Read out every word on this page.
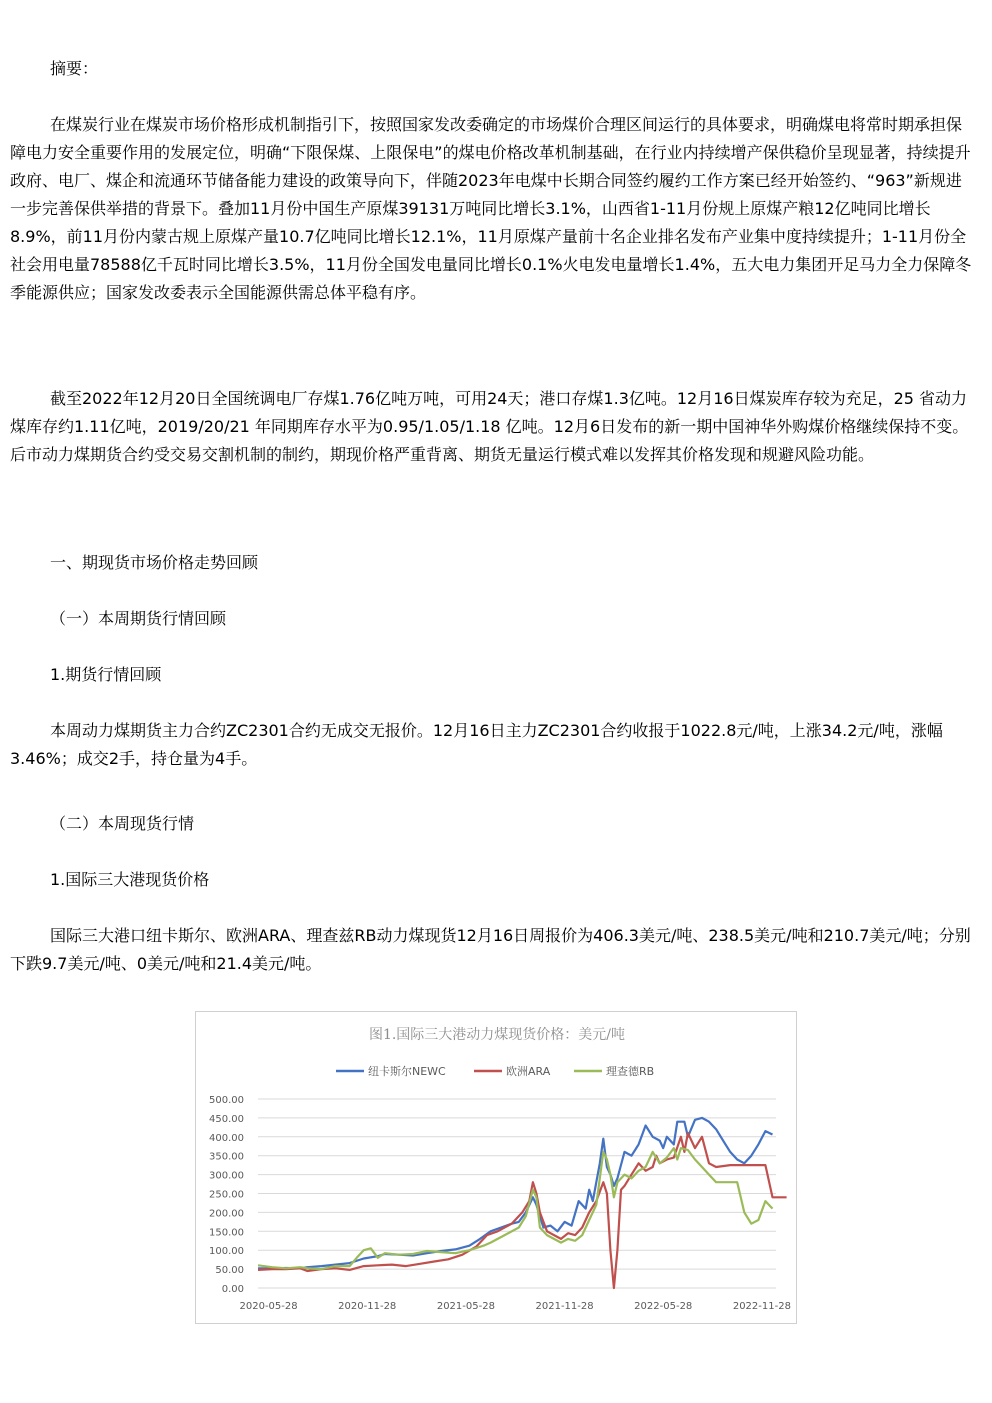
摘要：

在煤炭行业在煤炭市场价格形成机制指引下，按照国家发改委确定的市场煤价合理区间运行的具体要求，明确煤电将常时期承担保障电力安全重要作用的发展定位，明确“下限保煤、上限保电”的煤电价格改革机制基础，在行业内持续增产保供稳价呈现显著，持续提升政府、电厂、煤企和流通环节储备能力建设的政策导向下，伴随2023年电煤中长期合同签约履约工作方案已经开始签约、“963”新规进一步完善保供举措的背景下。叠加11月份中国生产原煤39131万吨同比增长3.1%，山西省1-11月份规上原煤产粮12亿吨同比增长8.9%，前11月份内蒙古规上原煤产量10.7亿吨同比增长12.1%，11月原煤产量前十名企业排名发布产业集中度持续提升；1-11月份全社会用电量78588亿千瓦时同比增长3.5%，11月份全国发电量同比增长0.1%火电发电量增长1.4%，五大电力集团开足马力全力保障冬季能源供应；国家发改委表示全国能源供需总体平稳有序。

截至2022年12月20日全国统调电厂存煤1.76亿吨万吨，可用24天；港口存煤1.3亿吨。12月16日煤炭库存较为充足，25 省动力煤库存约1.11亿吨，2019/20/21 年同期库存水平为0.95/1.05/1.18 亿吨。12月6日发布的新一期中国神华外购煤价格继续保持不变。后市动力煤期货合约受交易交割机制的制约，期现价格严重背离、期货无量运行模式难以发挥其价格发现和规避风险功能。

一、期现货市场价格走势回顾

（一）本周期货行情回顾

1.期货行情回顾

本周动力煤期货主力合约ZC2301合约无成交无报价。12月16日主力ZC2301合约收报于1022.8元/吨，上涨34.2元/吨，涨幅3.46%；成交2手，持仓量为4手。

（二）本周现货行情

1.国际三大港现货价格

国际三大港口纽卡斯尔、欧洲ARA、理查兹RB动力煤现货12月16日周报价为406.3美元/吨、238.5美元/吨和210.7美元/吨；分别下跌9.7美元/吨、0美元/吨和21.4美元/吨。

图1.国际三大港动力煤现货价格：美元/吨
纽卡斯尔NEWC	欧洲ARA	理查德RB
0.00
50.00
100.00
150.00
200.00
250.00
300.00
350.00
400.00
450.00
500.00
2020-05-28	2020-11-28	2021-05-28	2021-11-28	2022-05-28	2022-11-28
